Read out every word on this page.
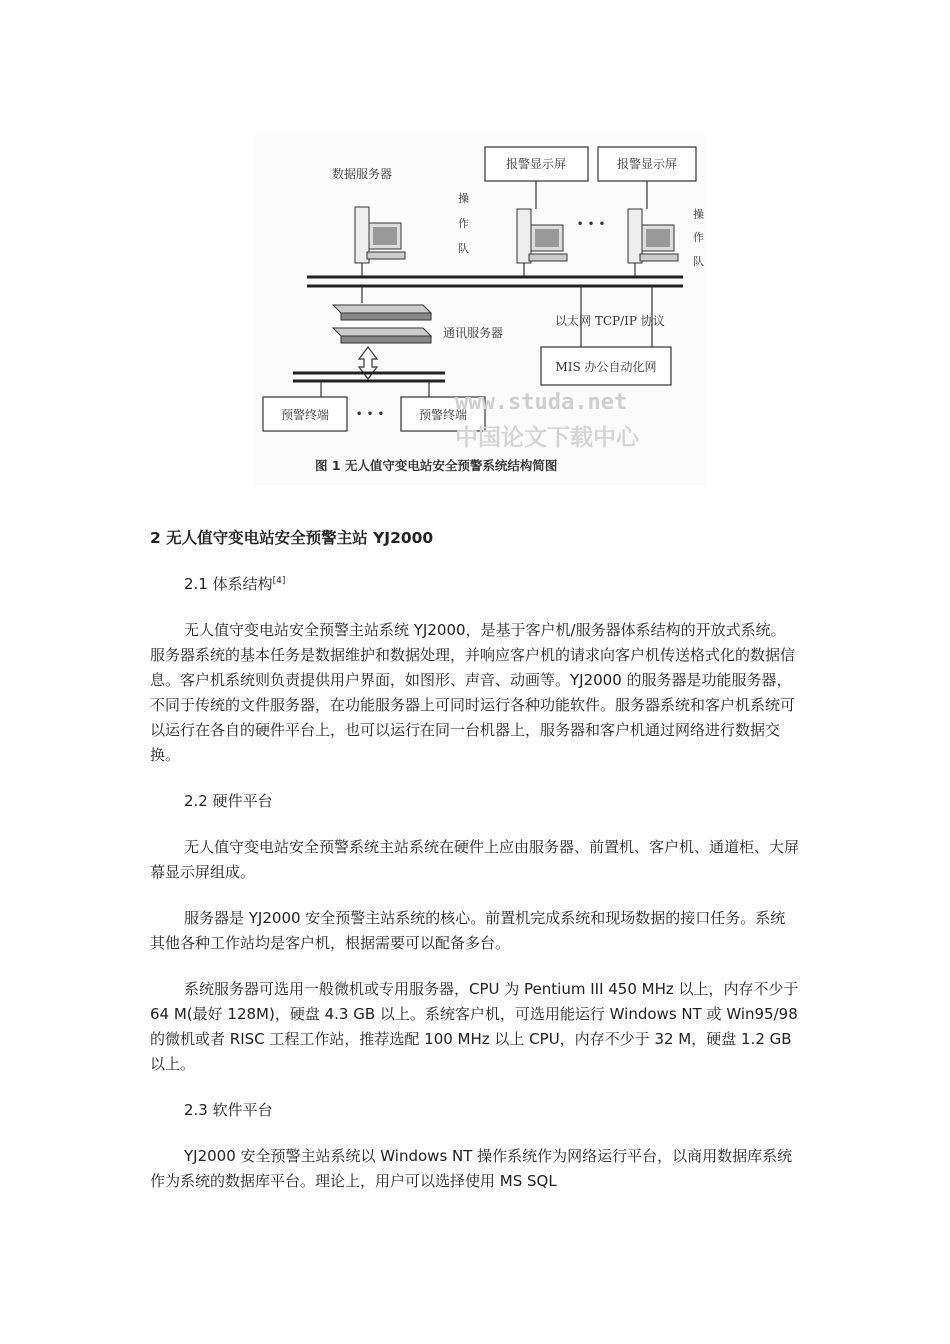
数据服务器
报警显示屏	报警显示屏
操
作
队
操
作
队
• • •
通讯服务器
以太网 TCP/IP 协议
MIS 办公自动化网
预警终端 • • •	预警终端
www.studa.net
中国论文下载中心
图 1 无人值守变电站安全预警系统结构简图
2 无人值守变电站安全预警主站 YJ2000
2.1 体系结构[4]

无人值守变电站安全预警主站系统 YJ2000，是基于客户机/服务器体系结构的开放式系统。服务器系统的基本任务是数据维护和数据处理，并响应客户机的请求向客户机传送格式化的数据信息。客户机系统则负责提供用户界面，如图形、声音、动画等。YJ2000 的服务器是功能服务器，不同于传统的文件服务器，在功能服务器上可同时运行各种功能软件。服务器系统和客户机系统可以运行在各自的硬件平台上，也可以运行在同一台机器上，服务器和客户机通过网络进行数据交换。

2.2 硬件平台

无人值守变电站安全预警系统主站系统在硬件上应由服务器、前置机、客户机、通道柜、大屏幕显示屏组成。

服务器是 YJ2000 安全预警主站系统的核心。前置机完成系统和现场数据的接口任务。系统其他各种工作站均是客户机，根据需要可以配备多台。

系统服务器可选用一般微机或专用服务器，CPU 为 Pentium III 450 MHz 以上，内存不少于 64 M(最好 128M)，硬盘 4.3 GB 以上。系统客户机，可选用能运行 Windows NT 或 Win95/98 的微机或者 RISC 工程工作站，推荐选配 100 MHz 以上 CPU，内存不少于 32 M，硬盘 1.2 GB 以上。

2.3 软件平台

YJ2000 安全预警主站系统以 Windows NT 操作系统作为网络运行平台，以商用数据库系统作为系统的数据库平台。理论上，用户可以选择使用 MS SQL
